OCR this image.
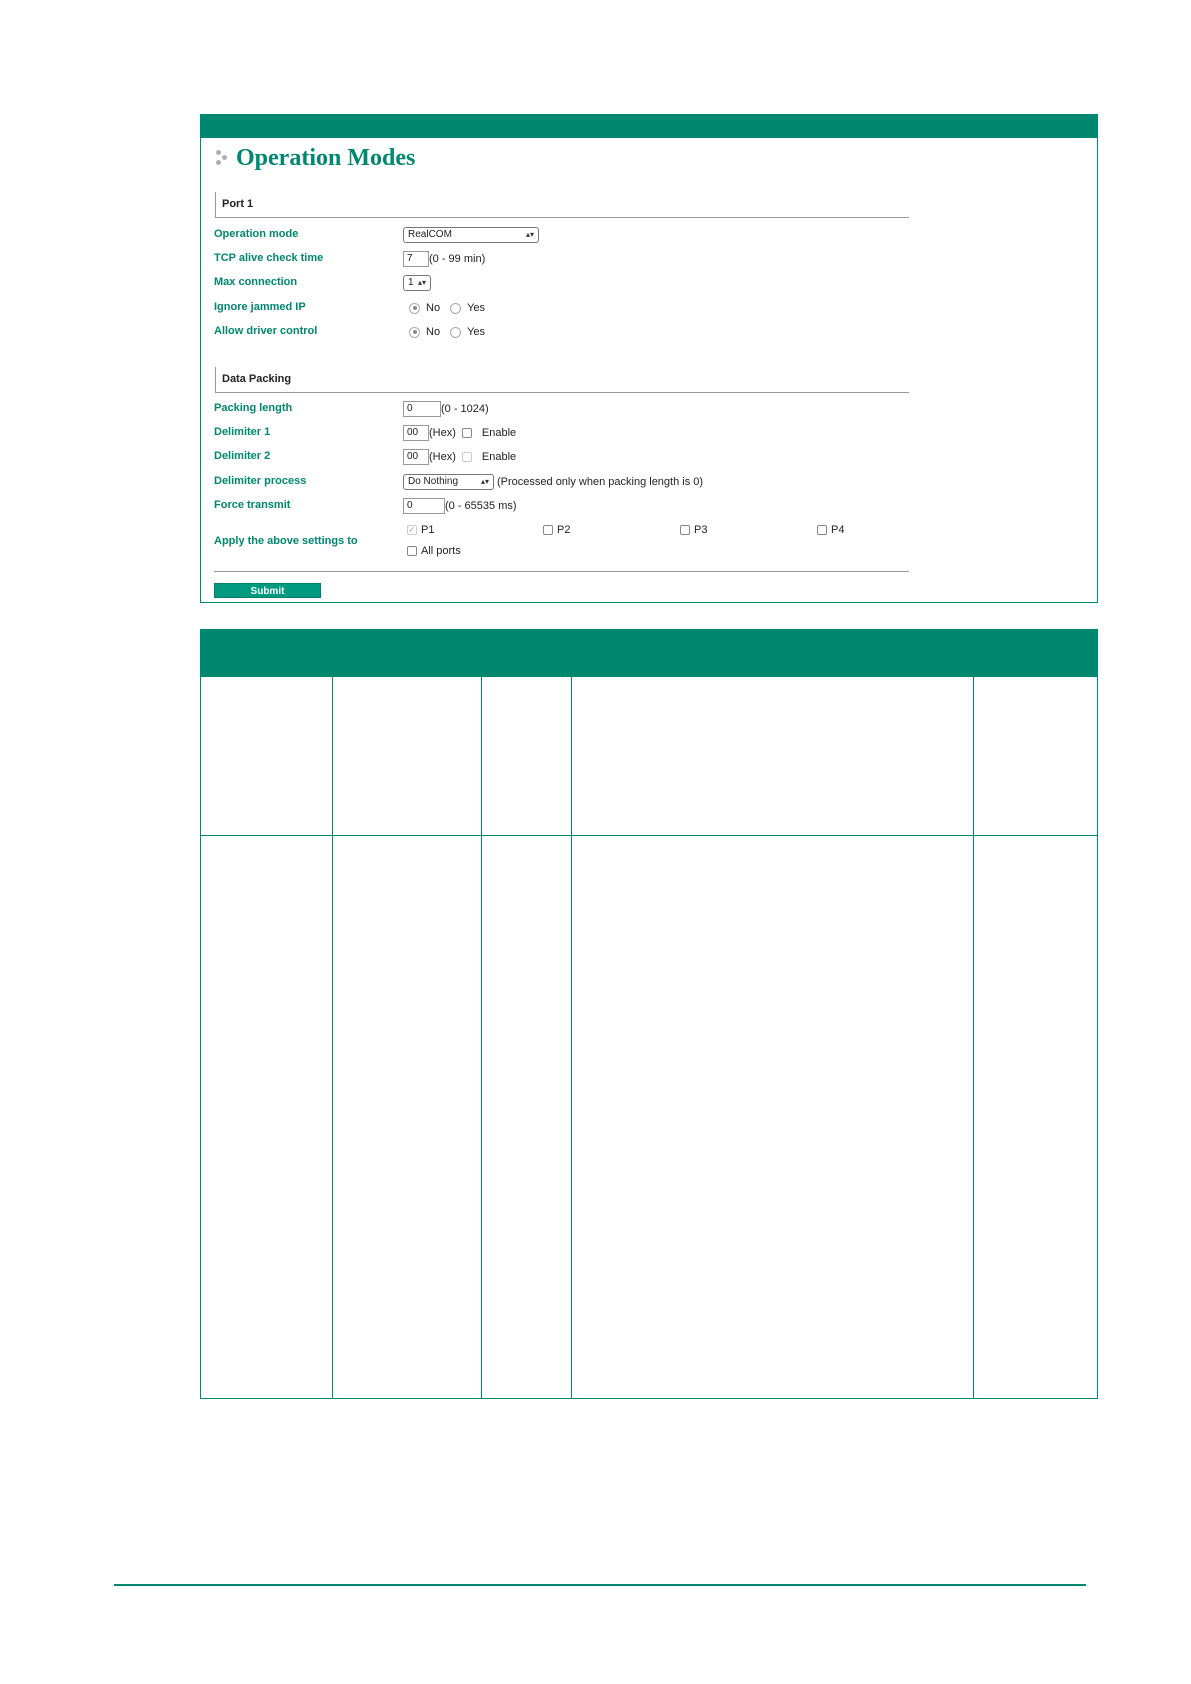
Operation Modes
Port 1
Operation mode	RealCOM	▴▾
TCP alive check time	7	(0 - 99 min)
Max connection	1 ▴▾
Ignore jammed IP	No Yes
Allow driver control	No Yes
Data Packing
Packing length	0	(0 - 1024)
Delimiter 1	00 (Hex) Enable
Delimiter 2	00 (Hex) Enable
Delimiter process	Do Nothing	▴▾ (Processed only when packing length is 0)
Force transmit	0	(0 - 65535 ms)
Apply the above settings to
✓ P1	P2	P3	P4
All ports
Submit
